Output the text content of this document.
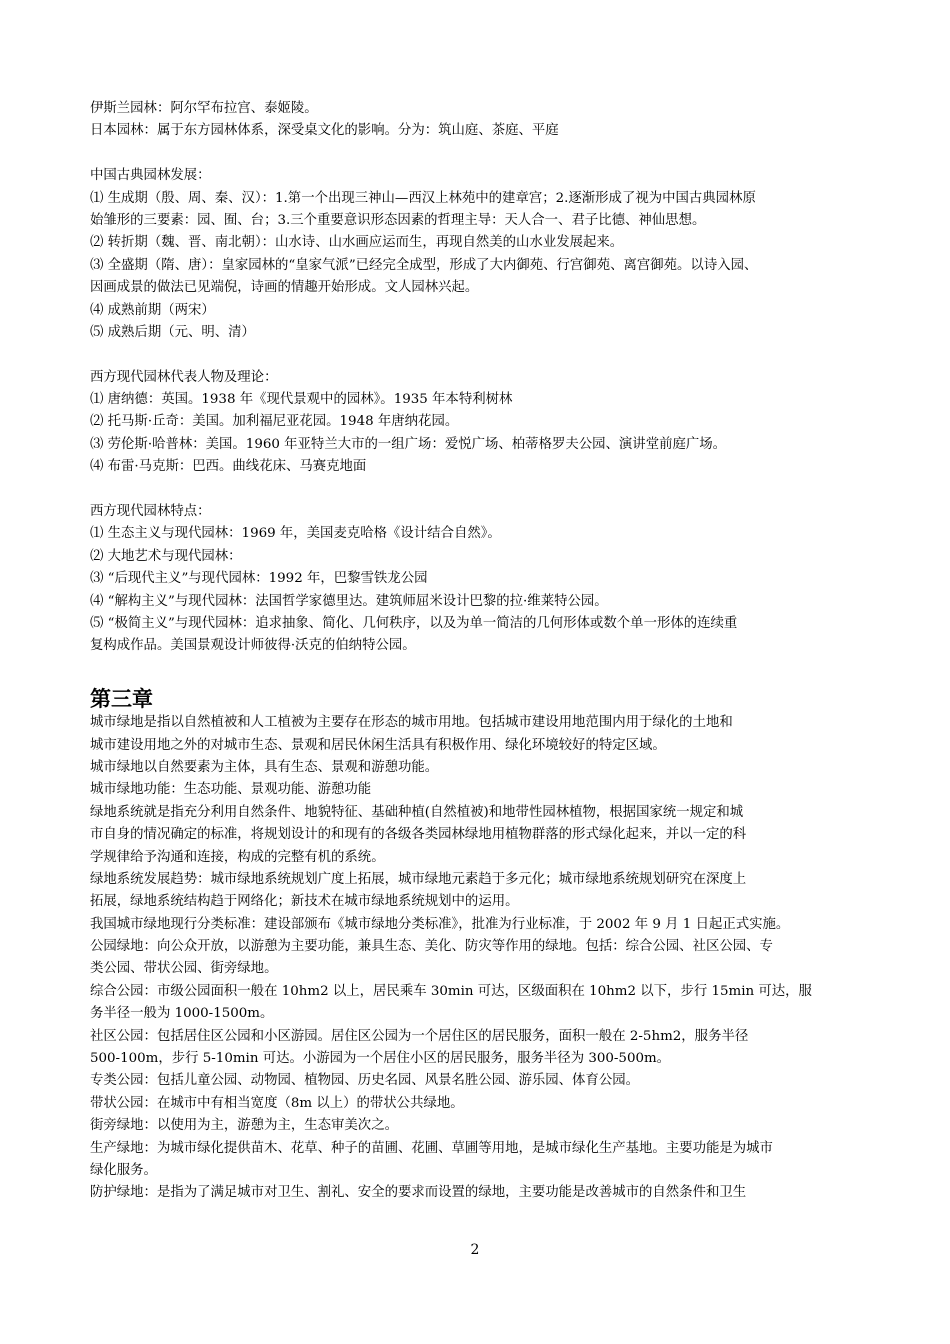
伊斯兰园林：阿尔罕布拉宫、泰姬陵。
日本园林：属于东方园林体系，深受桌文化的影响。分为：筑山庭、茶庭、平庭
中国古典园林发展：
⑴ 生成期（殷、周、秦、汉）：1.第一个出现三神山—西汉上林苑中的建章宫；2.逐渐形成了视为中国古典园林原
始雏形的三要素：园、囿、台；3.三个重要意识形态因素的哲理主导：天人合一、君子比德、神仙思想。
⑵ 转折期（魏、晋、南北朝）：山水诗、山水画应运而生，再现自然美的山水业发展起来。
⑶ 全盛期（隋、唐）：皇家园林的“皇家气派”已经完全成型，形成了大内御苑、行宫御苑、离宫御苑。以诗入园、
因画成景的做法已见端倪，诗画的情趣开始形成。文人园林兴起。
⑷ 成熟前期（两宋）
⑸ 成熟后期（元、明、清）
西方现代园林代表人物及理论：
⑴ 唐纳德：英国。1938 年《现代景观中的园林》。1935 年本特利树林
⑵ 托马斯·丘奇：美国。加利福尼亚花园。1948 年唐纳花园。
⑶ 劳伦斯·哈普林：美国。1960 年亚特兰大市的一组广场：爱悦广场、柏蒂格罗夫公园、演讲堂前庭广场。
⑷ 布雷·马克斯：巴西。曲线花床、马赛克地面
西方现代园林特点：
⑴ 生态主义与现代园林：1969 年，美国麦克哈格《设计结合自然》。
⑵ 大地艺术与现代园林：
⑶ “后现代主义”与现代园林：1992 年，巴黎雪铁龙公园
⑷ “解构主义”与现代园林：法国哲学家德里达。建筑师屈米设计巴黎的拉·维莱特公园。
⑸ “极简主义”与现代园林：追求抽象、简化、几何秩序，以及为单一简洁的几何形体或数个单一形体的连续重
复构成作品。美国景观设计师彼得·沃克的伯纳特公园。
第三章
城市绿地是指以自然植被和人工植被为主要存在形态的城市用地。包括城市建设用地范围内用于绿化的土地和
城市建设用地之外的对城市生态、景观和居民休闲生活具有积极作用、绿化环境较好的特定区域。
城市绿地以自然要素为主体，具有生态、景观和游憩功能。
城市绿地功能：生态功能、景观功能、游憩功能
绿地系统就是指充分利用自然条件、地貌特征、基础种植(自然植被)和地带性园林植物，根据国家统一规定和城
市自身的情况确定的标准，将规划设计的和现有的各级各类园林绿地用植物群落的形式绿化起来，并以一定的科
学规律给予沟通和连接，构成的完整有机的系统。
绿地系统发展趋势：城市绿地系统规划广度上拓展，城市绿地元素趋于多元化；城市绿地系统规划研究在深度上
拓展，绿地系统结构趋于网络化；新技术在城市绿地系统规划中的运用。
我国城市绿地现行分类标准：建设部颁布《城市绿地分类标准》，批准为行业标准，于 2002 年 9 月 1 日起正式实施。
公园绿地：向公众开放，以游憩为主要功能，兼具生态、美化、防灾等作用的绿地。包括：综合公园、社区公园、专
类公园、带状公园、街旁绿地。
综合公园：市级公园面积一般在 10hm2 以上，居民乘车 30min 可达，区级面积在 10hm2 以下，步行 15min 可达，服
务半径一般为 1000-1500m。
社区公园：包括居住区公园和小区游园。居住区公园为一个居住区的居民服务，面积一般在 2-5hm2，服务半径
500-100m，步行 5-10min 可达。小游园为一个居住小区的居民服务，服务半径为 300-500m。
专类公园：包括儿童公园、动物园、植物园、历史名园、风景名胜公园、游乐园、体育公园。
带状公园：在城市中有相当宽度（8m 以上）的带状公共绿地。
街旁绿地：以使用为主，游憩为主，生态审美次之。
生产绿地：为城市绿化提供苗木、花草、种子的苗圃、花圃、草圃等用地，是城市绿化生产基地。主要功能是为城市
绿化服务。
防护绿地：是指为了满足城市对卫生、割礼、安全的要求而设置的绿地，主要功能是改善城市的自然条件和卫生
2
